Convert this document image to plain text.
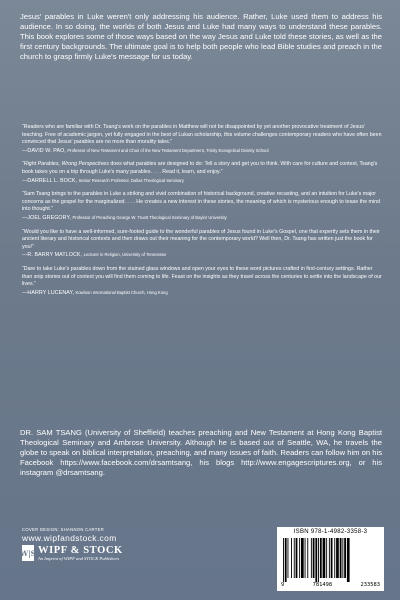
Jesus' parables in Luke weren't only addressing his audience. Rather, Luke used them to address his audience. In so doing, the worlds of both Jesus and Luke had many ways to understand these parables. This book explores some of those ways based on the way Jesus and Luke told these stories, as well as the first century backgrounds. The ultimate goal is to help both people who lead Bible studies and preach in the church to grasp firmly Luke's message for us today.

“Readers who are familiar with Dr. Tsang's work on the parables in Matthew will not be disappointed by yet another provocative treatment of Jesus' teaching. Free of academic jargon, yet fully engaged in the best of Lukan scholarship, this volume challenges contemporary readers who have often been convinced that Jesus' parables are no more than morality tales.”

—DAVID W. PAO, Professor of New Testament and Chair of the New Testament Department, Trinity Evangelical Divinity School

“Right Parables, Wrong Perspectives does what parables are designed to do: Tell a story and get you to think. With care for culture and context, Tsang's book takes you on a trip through Luke's many parables. . . . Read it, learn, and enjoy.”

—DARRELL L. BOCK, Senior Research Professor, Dallas Theological Seminary

“Sam Tsang brings to the parables in Luke a striking and vivid combination of historical background, creative recasting, and an intuition for Luke's major concerns as the gospel for the marginalized. . . . He creates a new interest in these stories, the meaning of which is mysterious enough to tease the mind into thought.”

—JOEL GREGORY, Professor of Preaching George W. Truett Theological Seminary of Baylor University

“Would you like to have a well-informed, sure-footed guide to the wonderful parables of Jesus found in Luke's Gospel, one that expertly sets them in their ancient literary and historical contexts and then draws out their meaning for the contemporary world? Well then, Dr. Tsang has written just the book for you!”

—R. BARRY MATLOCK, Lecturer in Religion, University of Tennessee

“Dare to take Luke's parables down from the stained glass windows and open your eyes to these word pictures crafted in first-century settings. Rather than snip stories out of context you will find them coming to life. Feast on the insights as they travel across the centuries to settle into the landscape of our lives.”

—HARRY LUCENAY, Kowloon International Baptist Church, Hong Kong

DR. SAM TSANG (University of Sheffield) teaches preaching and New Testament at Hong Kong Baptist Theological Seminary and Ambrose University. Although he is based out of Seattle, WA, he travels the globe to speak on biblical interpretation, preaching, and many issues of faith. Readers can follow him on his Facebook https://www.facebook.com/drsamtsang, his blogs http://www.engagescriptures.org, or his instagram @drsamtsang.

COVER DESIGN: SHANNON CARTER
www.wipfandstock.com
W|S WIPF & STOCK
An Imprint of WIPF and STOCK Publishers
ISBN 978-1-4982-3358-3
9	781498	233583
